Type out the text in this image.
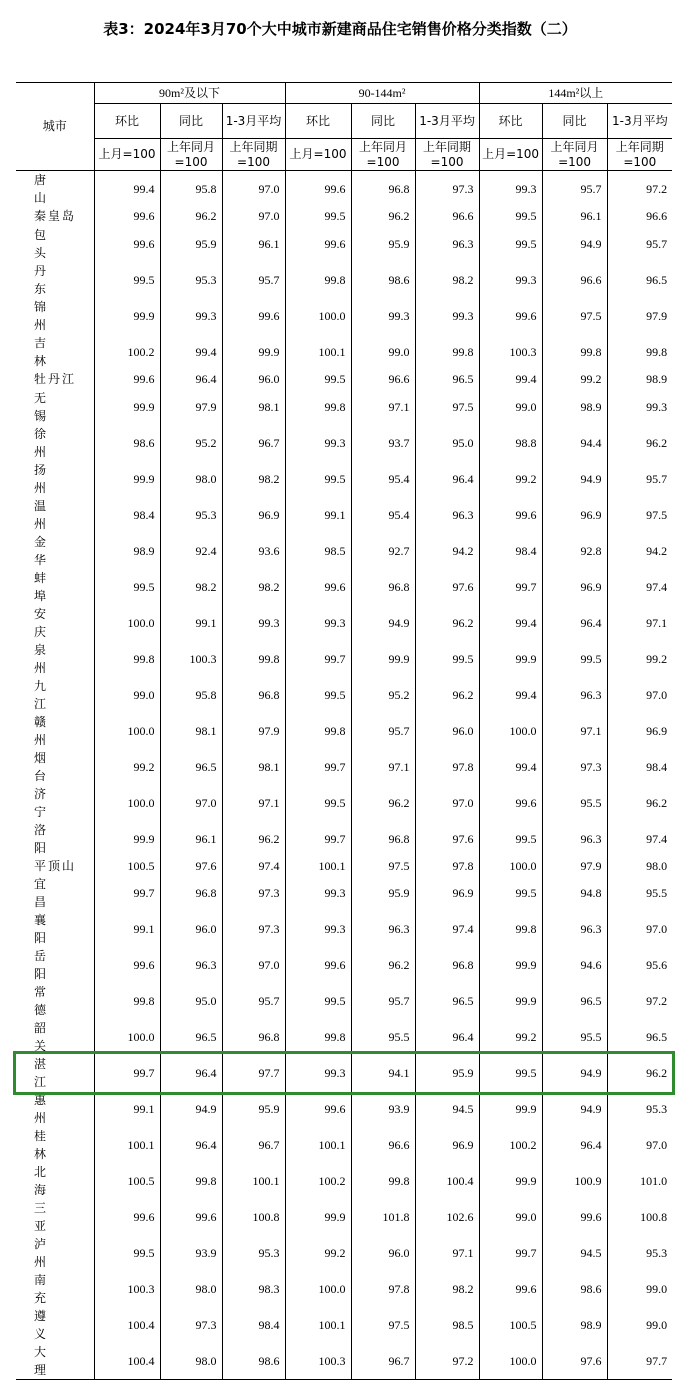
表3：2024年3月70个大中城市新建商品住宅销售价格分类指数（二）
城市	90m²及以下			90-144m²			144m²以上		
	环比	同比	1-3月平均	环比	同比	1-3月平均	环比	同比	1-3月平均
	上月=100	上年同月=100	上年同期=100	上月=100	上年同月=100	上年同期=100	上月=100	上年同月=100	上年同期=100
唐山	99.4	95.8	97.0	99.6	96.8	97.3	99.3	95.7	97.2
秦皇岛	99.6	96.2	97.0	99.5	96.2	96.6	99.5	96.1	96.6
包头	99.6	95.9	96.1	99.6	95.9	96.3	99.5	94.9	95.7
丹东	99.5	95.3	95.7	99.8	98.6	98.2	99.3	96.6	96.5
锦州	99.9	99.3	99.6	100.0	99.3	99.3	99.6	97.5	97.9
吉林	100.2	99.4	99.9	100.1	99.0	99.8	100.3	99.8	99.8
牡丹江	99.6	96.4	96.0	99.5	96.6	96.5	99.4	99.2	98.9
无锡	99.9	97.9	98.1	99.8	97.1	97.5	99.0	98.9	99.3
徐州	98.6	95.2	96.7	99.3	93.7	95.0	98.8	94.4	96.2
扬州	99.9	98.0	98.2	99.5	95.4	96.4	99.2	94.9	95.7
温州	98.4	95.3	96.9	99.1	95.4	96.3	99.6	96.9	97.5
金华	98.9	92.4	93.6	98.5	92.7	94.2	98.4	92.8	94.2
蚌埠	99.5	98.2	98.2	99.6	96.8	97.6	99.7	96.9	97.4
安庆	100.0	99.1	99.3	99.3	94.9	96.2	99.4	96.4	97.1
泉州	99.8	100.3	99.8	99.7	99.9	99.5	99.9	99.5	99.2
九江	99.0	95.8	96.8	99.5	95.2	96.2	99.4	96.3	97.0
赣州	100.0	98.1	97.9	99.8	95.7	96.0	100.0	97.1	96.9
烟台	99.2	96.5	98.1	99.7	97.1	97.8	99.4	97.3	98.4
济宁	100.0	97.0	97.1	99.5	96.2	97.0	99.6	95.5	96.2
洛阳	99.9	96.1	96.2	99.7	96.8	97.6	99.5	96.3	97.4
平顶山	100.5	97.6	97.4	100.1	97.5	97.8	100.0	97.9	98.0
宜昌	99.7	96.8	97.3	99.3	95.9	96.9	99.5	94.8	95.5
襄阳	99.1	96.0	97.3	99.3	96.3	97.4	99.8	96.3	97.0
岳阳	99.6	96.3	97.0	99.6	96.2	96.8	99.9	94.6	95.6
常德	99.8	95.0	95.7	99.5	95.7	96.5	99.9	96.5	97.2
韶关	100.0	96.5	96.8	99.8	95.5	96.4	99.2	95.5	96.5
湛江	99.7	96.4	97.7	99.3	94.1	95.9	99.5	94.9	96.2
惠州	99.1	94.9	95.9	99.6	93.9	94.5	99.9	94.9	95.3
桂林	100.1	96.4	96.7	100.1	96.6	96.9	100.2	96.4	97.0
北海	100.5	99.8	100.1	100.2	99.8	100.4	99.9	100.9	101.0
三亚	99.6	99.6	100.8	99.9	101.8	102.6	99.0	99.6	100.8
泸州	99.5	93.9	95.3	99.2	96.0	97.1	99.7	94.5	95.3
南充	100.3	98.0	98.3	100.0	97.8	98.2	99.6	98.6	99.0
遵义	100.4	97.3	98.4	100.1	97.5	98.5	100.5	98.9	99.0
大理	100.4	98.0	98.6	100.3	96.7	97.2	100.0	97.6	97.7
